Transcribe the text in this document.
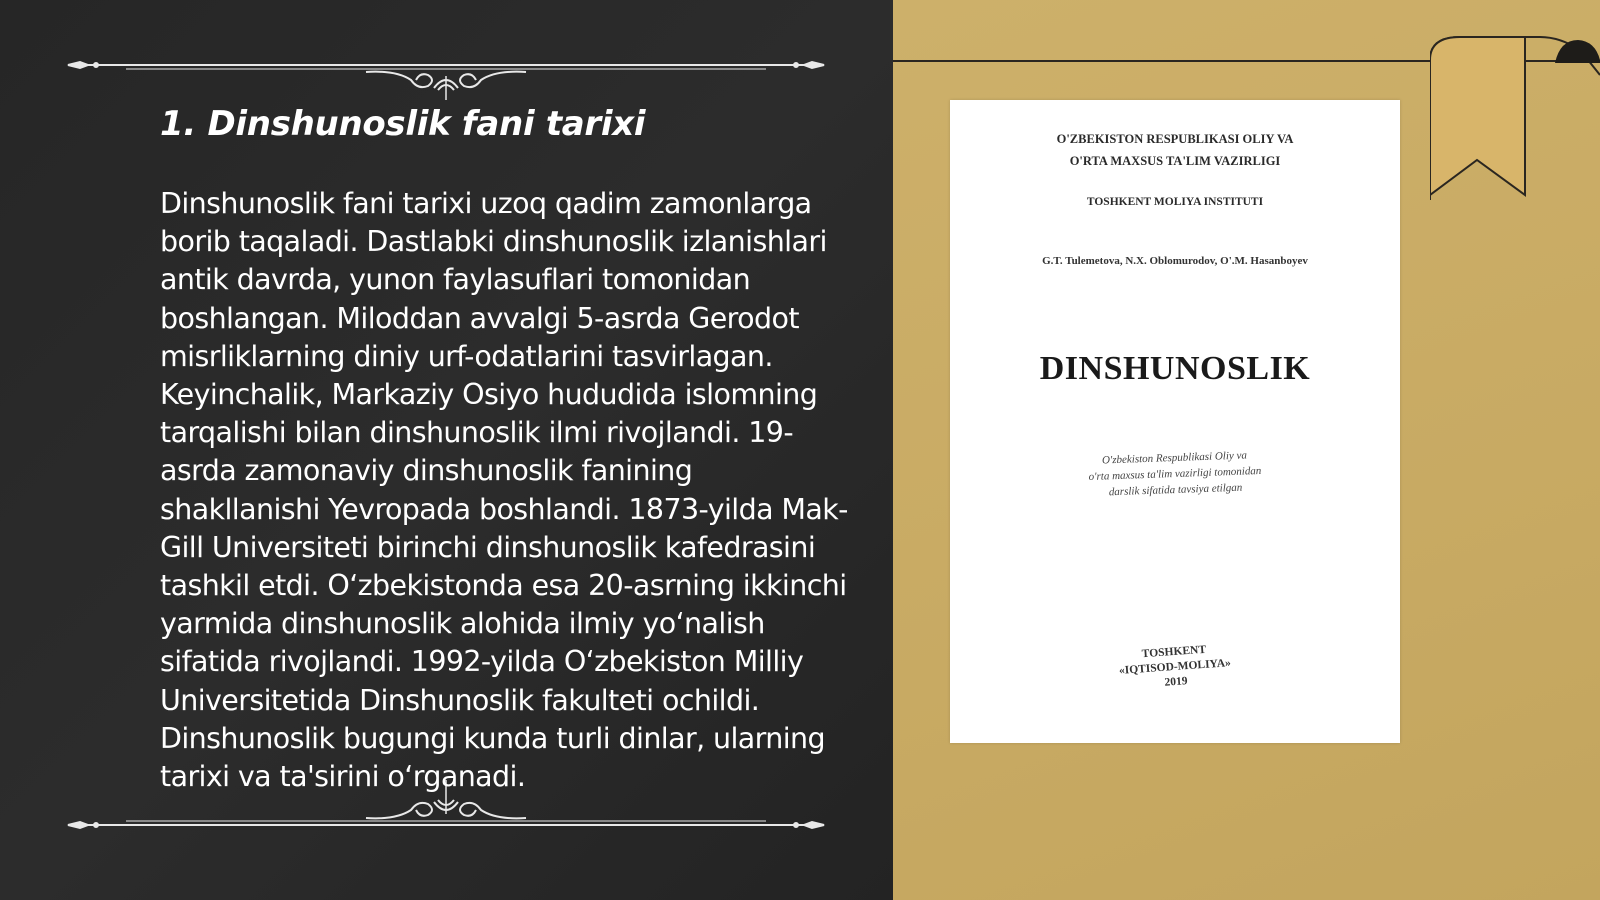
1. Dinshunoslik fani tarixi

Dinshunoslik fani tarixi uzoq qadim zamonlarga borib taqaladi. Dastlabki dinshunoslik izlanishlari antik davrda, yunon faylasuflari tomonidan boshlangan. Miloddan avvalgi 5-asrda Gerodot misrliklarning diniy urf-odatlarini tasvirlagan. Keyinchalik, Markaziy Osiyo hududida islomning tarqalishi bilan dinshunoslik ilmi rivojlandi. 19-asrda zamonaviy dinshunoslik fanining shakllanishi Yevropada boshlandi. 1873-yilda Mak-Gill Universiteti birinchi dinshunoslik kafedrasini tashkil etdi. O‘zbekistonda esa 20-asrning ikkinchi yarmida dinshunoslik alohida ilmiy yo‘nalish sifatida rivojlandi. 1992-yilda O‘zbekiston Milliy Universitetida Dinshunoslik fakulteti ochildi. Dinshunoslik bugungi kunda turli dinlar, ularning tarixi va ta'sirini o‘rganadi.

O'ZBEKISTON RESPUBLIKASI OLIY VA
O'RTA MAXSUS TA'LIM VAZIRLIGI
TOSHKENT MOLIYA INSTITUTI
G.T. Tulemetova, N.X. Oblomurodov, O'.M. Hasanboyev
DINSHUNOSLIK
O'zbekiston Respublikasi Oliy va
o'rta maxsus ta'lim vazirligi tomonidan
darslik sifatida tavsiya etilgan
TOSHKENT
«IQTISOD-MOLIYA»
2019
